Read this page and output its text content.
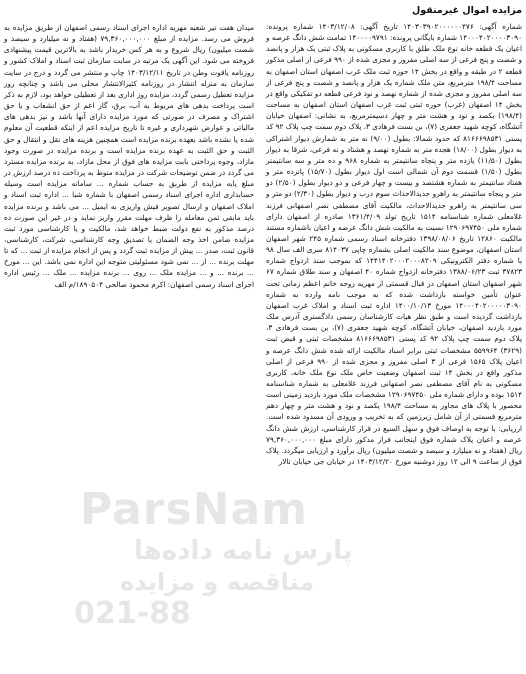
مزایده اموال غیرمنقول

شماره آگهی: ۱۴۰۳۰۳۹۰۲۰۰۰۰۰۰۴۷۶ تاریخ آگهی: ۱۴۰۳/۱۲/۰۸ شماره پرونده: ۱۴۰۰۰۴۰۲۰۰۰۰۳۰۹۰ شماره بایگانی پرونده: ۱۴۰۰۰۰۹۷۹۱ تمامت شش دانگ عرصه و اعیان یک قطعه خانه نوع ملک طلق با کاربری مسکونی به پلاک ثبتی یک هزار و پانصد و شصت و پنج فرعی از سه اصلی مفروز و مجزی شده از ۹۹۰ فرعی از اصلی مذکور قطعه ۲ در طبقه و واقع در بخش ۱۴ حوزه ثبت ملک غرب اصفهان استان اصفهان به مساحت ۱۹۸/۴ مترمربع، متن ملک شماره یک هزار و پانصد و شصت و پنج فرعی از سه اصلی مفروز و مجزی شده از شماره نهصد و نود فرعی قطعه دو تفکیکی واقع در بخش ۱۴ اصفهان (غرب) حوزه ثبتی ثبت غرب اصفهان استان اصفهان به مساحت (۱۹۸/۴) یکصد و نود و هشت متر و چهار دسیمترمربع، به نشانی: اصفهان خیابان آتشگاه، کوچه شهید جعفری (۷)، بن بست فرهادی ۳، پلاک دوم سمت چپ پلاک ۹۲ کد پستی ۸۱۶۶۶۹۸۵۳۱ که حدود شمالا: بطول (۹/۰۰) نه متر به شمارش دیوار اشتراکی به دیوار بطول (۱۸/۰۰) هجده متر به شماره نهصد و هشتاد و نه فرعی، شرقا به دیوار بطول (۱۱/۵۰) یازده متر و پنجاه سانتیمتر به شماره ۹۶۸ و ده متر و سه سانتیمتر بطول (۱/۵۰) قسمت دوم آن شمالی است اول دیوار بطول (۱۵/۷۰) پانزده متر و هفتاد سانتیمتر به شماره هشتصد و بیست و چهار فرعی و دو دیوار بطول (۲/۵۰) دو متر و پنجاه سانتیمتر به راهرو جدیدالاحداث سوم درب و دیوار بطول (۲/۳۰) دو متر و سی سانتیمتر به راهرو جدیدالاحداث، مالکیت آقای مصطفی نصر اصفهانی فرزند غلامعلی شماره شناسنامه ۱۵۱۴ تاریخ تولد ۱۳۶۱/۴/۰۹ صادره از اصفهان دارای شماره ملی ۱۲۹۰۶۹۷۴۵۰ نسبت به مالکیت شش دانگ عرصه و اعیان باشماره مستند مالکیت ۱۲۸۶۰ تاریخ ۱۳۹۸/۰۸/۰۶ دفترخانه اسناد رسمی شماره ۲۴۵ شهر اصفهان استان اصفهان، موضوع سند مالکیت اصلی بشماره چاپی ۸۱۴۰۳۷ سری الف سال ۹۸ با شماره دفتر الکترونیکی ۱۴۴۱۴۰۲۰۰۰۲۰۰۰۸۲۰۹ که بموجب سند ازدواج شماره ۳۷۸۲۳ ثبت ۱۳۸۸/۰۶/۲۳ دفترخانه ازدواج شماره ۴۰ اصفهان و سند طلاق شماره ۶۷ شهر اصفهان استان اصفهان در قبال قسمتی از مهریه زوجه خانم اعظم زمانی تحت عنوان تأمین خواسته بازداشت شده که به موجب نامه وارده به شماره ۱۴۰۰۰۴۰۲۰۰۰۰۰۳۰۹۰ مورخ ۱۴۰۰/۱۰/۱۳ اداره ثبت اسناد و املاک غرب اصفهان بازداشت گردیده است و طبق نظر هیات کارشناسان رسمی دادگستری آدرس ملک مورد بازدید اصفهان، خیابان آتشگاه، کوچه شهید جعفری (۷)، بن بست فرهادی ۳، پلاک دوم سمت چپ پلاک ۹۲ کد پستی ۸۱۶۶۶۹۸۵۳۱ مشخصات ثبتی و قبض ثبت (۳۶۲۹) ۵۵۹۹۶۴ مشخصات ثبتی برابر اسناد مالکیت ارائه شده شش دانگ عرصه و اعیان پلاک ۱۵۶۵ فرعی از ۳ اصلی مفروز و مجزی شده از ۹۹۰ فرعی از اصلی مذکور واقع در بخش ۱۴ ثبت اصفهان وضعیت خاص ملک نوع ملک خانه، کاربری مسکونی به نام آقای مصطفی نصر اصفهانی فرزند غلامعلی به شماره شناسنامه ۱۵۱۴ بوده و دارای شماره ملی ۱۲۹۰۶۹۷۴۵۰ مشخصات ملک مورد بازدید زمینی است محصور با پلاک های مجاور به مساحت ۱۹۸/۴ یکصد و نود و هشت متر و چهار دهم مترمربع قسمتی از آن شامل زیرزمین که به تخریب و ورودی آن مسدود شده است. ارزیابی: با توجه به اوصاف فوق و سهل السیع در قرار کارشناسی، ارزش شش دانگ عرصه و اعیان پلاک شماره فوق اینجانب فراز مذکور دارای مبلغ ۷۹,۳۶۰,۰۰۰,۰۰۰ ریال (هفتاد و نه میلیارد و سیصد و شصت میلیون) ریال برآورد و ارزیابی میگردد. پلاک فوق از ساعت ۹ الی ۱۲ روز دوشنبه مورخ ۱۴۰۳/۱۲/۲۰ در خیابان جی خیابان تالار

میدان هفت تیر شعبه مهریه اداره اجرای اسناد رسمی اصفهان از طریق مزایده به فروش می رسد. مزایده از مبلغ ۷۹,۳۶۰,۰۰۰,۰۰۰ (هفتاد و نه میلیارد و سیصد و شصت میلیون) ریال شروع و به هر کس خریدار باشد به بالاترین قیمت پیشنهادی فروخته می شود. این آگهی یک مرتبه در سایت سازمان ثبت اسناد و املاک کشور و روزنامه یاقوت وطن در تاریخ ۱۴۰۳/۱۲/۱۱ چاپ و منتشر می گردد و درج در سایت سازمان به منزله انتشار در روزنامه کثیرالانتشار محلی می باشد و چنانچه روز مزایده تعطیل رسمی گردد، مزایده روز اداری بعد از تعطیلی خواهد بود، لازم به ذکر است پرداخت بدهی های مربوط به آب، برق، گاز اعم از حق انشعاب و یا حق اشتراک و مصرف در صورتی که مورد مزایده دارای آنها باشد و نیز بدهی های مالیاتی و عوارض شهرداری و غیره تا تاریخ مزایده اعم از اینکه قطعیت آن معلوم شده یا نشده باشد بعهده برنده مزایده است همچنین هزینه های نقل و انتقال و حق الثبت و حق الثبت به عهده برنده مزایده است و برنده مزایده در صورت وجود مازاد، وجوه پرداختی بابت مزایده های فوق از محل مازاد، به برنده مزایده مسترد می گردد در ضمن توضیحات شرکت در مزایده منوط به پرداخت ده درصد ارزش در مبلغ پایه مزایده از طریق به حساب شماره ... سامانه مزایده است وسیله حسابداری اداره اجرای اسناد رسمی اصفهان با شماره شبا ... اداره ثبت اسناد و املاک اصفهان و ارسال تصویر فیش واریزی به ایمیل ... می باشد و برنده مزایده باید مابقی ثمن معامله را ظرف مهلت مقرر واریز نماید و در غیر این صورت ده درصد مذکور به نفع دولت ضبط خواهد شد، مالکیت و یا کارشناسی مورد ثبت مزایده ضامن اخذ وجه الضمان یا تصدیق وجه کارشناسی، شرکت، کارشناسی، قانون ثبت، صدر ... پیش از مزایده ثبت گردد و پس از انجام مزایده از ثبت ... که تا مهلت برنده ... از ... نمی شود مسئولیتی متوجه این اداره نمی باشد. این ... مورخ ... برنده ... و ... مزایده ملک ... روی ... برنده مزایده ... ملک ... رئیس اداره اجرای اسناد رسمی اصفهان: اکرم محمود صالحی ۱۸۹۰۵۰۴/م الف

ParsNam
پارس ‌نامه داده‌ها
مناقصه و مزایده
021-88
